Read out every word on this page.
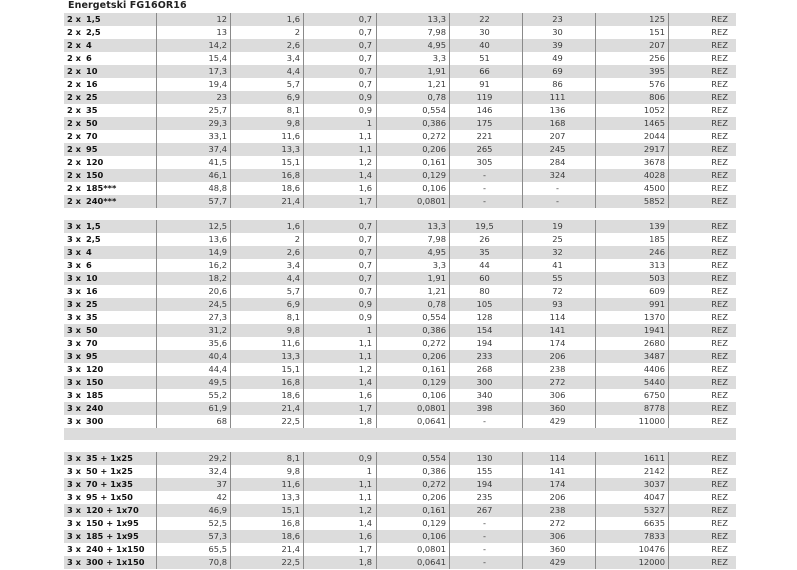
Energetski FG16OR16
2 x 1,5	12	1,6	0,7	13,3	22	23	125	REZ
2 x 2,5	13	2	0,7	7,98	30	30	151	REZ
2 x 4	14,2	2,6	0,7	4,95	40	39	207	REZ
2 x 6	15,4	3,4	0,7	3,3	51	49	256	REZ
2 x 10	17,3	4,4	0,7	1,91	66	69	395	REZ
2 x 16	19,4	5,7	0,7	1,21	91	86	576	REZ
2 x 25	23	6,9	0,9	0,78	119	111	806	REZ
2 x 35	25,7	8,1	0,9	0,554	146	136	1052	REZ
2 x 50	29,3	9,8	1	0,386	175	168	1465	REZ
2 x 70	33,1	11,6	1,1	0,272	221	207	2044	REZ
2 x 95	37,4	13,3	1,1	0,206	265	245	2917	REZ
2 x 120	41,5	15,1	1,2	0,161	305	284	3678	REZ
2 x 150	46,1	16,8	1,4	0,129	-	324	4028	REZ
2 x 185***	48,8	18,6	1,6	0,106	-	-	4500	REZ
2 x 240***	57,7	21,4	1,7	0,0801	-	-	5852	REZ
3 x 1,5	12,5	1,6	0,7	13,3	19,5	19	139	REZ
3 x 2,5	13,6	2	0,7	7,98	26	25	185	REZ
3 x 4	14,9	2,6	0,7	4,95	35	32	246	REZ
3 x 6	16,2	3,4	0,7	3,3	44	41	313	REZ
3 x 10	18,2	4,4	0,7	1,91	60	55	503	REZ
3 x 16	20,6	5,7	0,7	1,21	80	72	609	REZ
3 x 25	24,5	6,9	0,9	0,78	105	93	991	REZ
3 x 35	27,3	8,1	0,9	0,554	128	114	1370	REZ
3 x 50	31,2	9,8	1	0,386	154	141	1941	REZ
3 x 70	35,6	11,6	1,1	0,272	194	174	2680	REZ
3 x 95	40,4	13,3	1,1	0,206	233	206	3487	REZ
3 x 120	44,4	15,1	1,2	0,161	268	238	4406	REZ
3 x 150	49,5	16,8	1,4	0,129	300	272	5440	REZ
3 x 185	55,2	18,6	1,6	0,106	340	306	6750	REZ
3 x 240	61,9	21,4	1,7	0,0801	398	360	8778	REZ
3 x 300	68	22,5	1,8	0,0641	-	429	11000	REZ
3 x 35 + 1x25	29,2	8,1	0,9	0,554	130	114	1611	REZ
3 x 50 + 1x25	32,4	9,8	1	0,386	155	141	2142	REZ
3 x 70 + 1x35	37	11,6	1,1	0,272	194	174	3037	REZ
3 x 95 + 1x50	42	13,3	1,1	0,206	235	206	4047	REZ
3 x 120 + 1x70	46,9	15,1	1,2	0,161	267	238	5327	REZ
3 x 150 + 1x95	52,5	16,8	1,4	0,129	-	272	6635	REZ
3 x 185 + 1x95	57,3	18,6	1,6	0,106	-	306	7833	REZ
3 x 240 + 1x150	65,5	21,4	1,7	0,0801	-	360	10476	REZ
3 x 300 + 1x150	70,8	22,5	1,8	0,0641	-	429	12000	REZ
